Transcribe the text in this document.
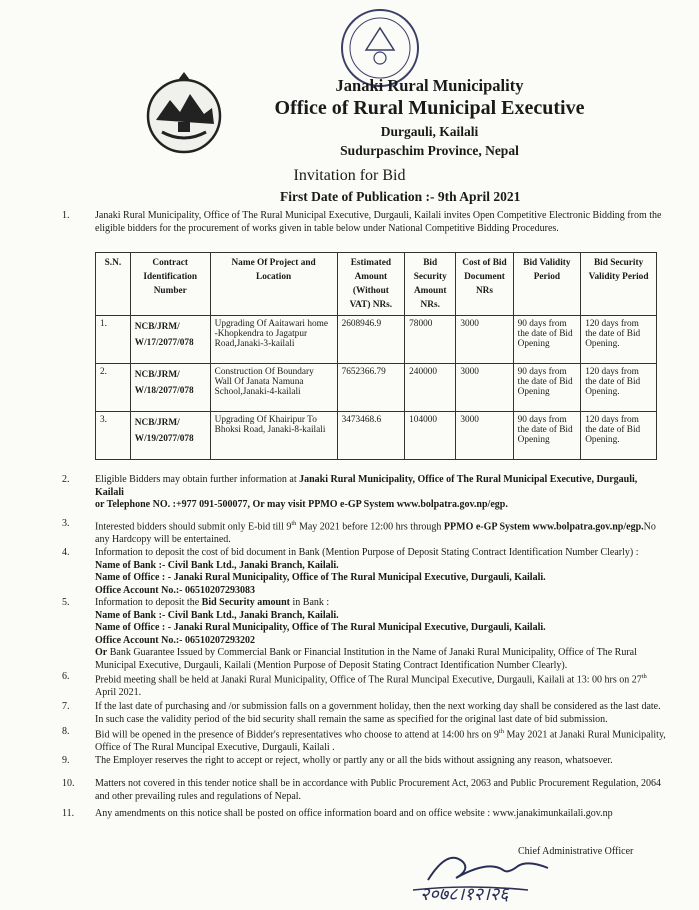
Janaki Rural Municipality
Office of Rural Municipal Executive
Durgauli, Kailali
Sudurpaschim Province, Nepal
Invitation for Bid
First Date of Publication :- 9th April 2021
1.	Janaki Rural Municipality, Office of The Rural Municipal Executive, Durgauli, Kailali invites Open Competitive Electronic Bidding from the eligible bidders for the procurement of works given in table below under National Competitive Bidding Procedures.
S.N.	Contract Identification Number	Name Of Project and Location	Estimated Amount (Without VAT) NRs.	Bid Security Amount NRs.	Cost of Bid Document NRs	Bid Validity Period	Bid Security Validity Period
1.	NCB/JRM/
W/17/2077/078	Upgrading Of Aaitawari home -Khopkendra to Jagatpur Road,Janaki-3-kailali	2608946.9	78000	3000	90 days from the date of Bid Opening	120 days from the date of Bid Opening.
2.	NCB/JRM/
W/18/2077/078	Construction Of Boundary Wall Of Janata Namuna School,Janaki-4-kailali	7652366.79	240000	3000	90 days from the date of Bid Opening	120 days from the date of Bid Opening.
3.	NCB/JRM/
W/19/2077/078	Upgrading Of Khairipur To Bhoksi Road, Janaki-8-kailali	3473468.6	104000	3000	90 days from the date of Bid Opening	120 days from the date of Bid Opening.
2.	Eligible Bidders may obtain further information at Janaki Rural Municipality, Office of The Rural Municipal Executive, Durgauli, Kailali
or Telephone NO. :+977 091-500077, Or may visit PPMO e-GP System www.bolpatra.gov.np/egp.
3.	Interested bidders should submit only E-bid till 9th May 2021 before 12:00 hrs through PPMO e-GP System www.bolpatra.gov.np/egp.No any Hardcopy will be entertained.
4.	Information to deposit the cost of bid document in Bank (Mention Purpose of Deposit Stating Contract Identification Number Clearly) :
Name of Bank :- Civil Bank Ltd., Janaki Branch, Kailali.
Name of Office : - Janaki Rural Municipality, Office of The Rural Municipal Executive, Durgauli, Kailali.
Office Account No.:- 06510207293083
5.	Information to deposit the Bid Security amount in Bank :
Name of Bank :- Civil Bank Ltd., Janaki Branch, Kailali.
Name of Office : - Janaki Rural Municipality, Office of The Rural Municipal Executive, Durgauli, Kailali.
Office Account No.:- 06510207293202
Or Bank Guarantee Issued by Commercial Bank or Financial Institution in the Name of Janaki Rural Municipality, Office of The Rural Municipal Executive, Durgauli, Kailali (Mention Purpose of Deposit Stating Contract Identification Number Clearly).
6.	Prebid meeting shall be held at Janaki Rural Municipality, Office of The Rural Muncipal Executive, Durgauli, Kailali at 13: 00 hrs on 27th April 2021.
7.	If the last date of purchasing and /or submission falls on a government holiday, then the next working day shall be considered as the last date. In such case the validity period of the bid security shall remain the same as specified for the original last date of bid submission.
8.	Bid will be opened in the presence of Bidder's representatives who choose to attend at 14:00 hrs on 9th May 2021 at Janaki Rural Municipality, Office of The Rural Muncipal Executive, Durgauli, Kailali .
9.	The Employer reserves the right to accept or reject, wholly or partly any or all the bids without assigning any reason, whatsoever.
10.	Matters not covered in this tender notice shall be in accordance with Public Procurement Act, 2063 and Public Procurement Regulation, 2064 and other prevailing rules and regulations of Nepal.
11.	Any amendments on this notice shall be posted on office information board and on office website : www.janakimunkailali.gov.np
Chief Administrative Officer
२०७८।१२।२६
